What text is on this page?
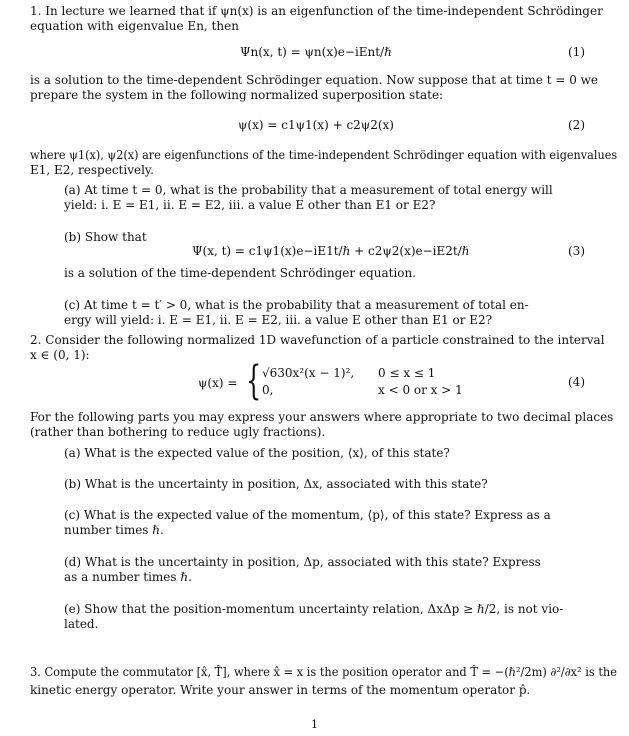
1. In lecture we learned that if ψn(x) is an eigenfunction of the time-independent Schrödinger
equation with eigenvalue En, then
Ψn(x, t) = ψn(x)e−iEnt/ℏ	(1)
is a solution to the time-dependent Schrödinger equation. Now suppose that at time t = 0 we
prepare the system in the following normalized superposition state:
ψ(x) = c1ψ1(x) + c2ψ2(x)	(2)
where ψ1(x), ψ2(x) are eigenfunctions of the time-independent Schrödinger equation with eigenvalues
E1, E2, respectively.
(a) At time t = 0, what is the probability that a measurement of total energy will
yield: i. E = E1, ii. E = E2, iii. a value E other than E1 or E2?
(b) Show that
Ψ(x, t) = c1ψ1(x)e−iE1t/ℏ + c2ψ2(x)e−iE2t/ℏ	(3)
is a solution of the time-dependent Schrödinger equation.
(c) At time t = t′ > 0, what is the probability that a measurement of total en-
ergy will yield: i. E = E1, ii. E = E2, iii. a value E other than E1 or E2?
2. Consider the following normalized 1D wavefunction of a particle constrained to the interval
x ∈ (0, 1):
ψ(x) = { √630x²(x − 1)², 0 ≤ x ≤ 1
0,	x < 0 or x > 1
(4)
For the following parts you may express your answers where appropriate to two decimal places
(rather than bothering to reduce ugly fractions).
(a) What is the expected value of the position, ⟨x⟩, of this state?
(b) What is the uncertainty in position, Δx, associated with this state?
(c) What is the expected value of the momentum, ⟨p⟩, of this state? Express as a
number times ℏ.
(d) What is the uncertainty in position, Δp, associated with this state? Express
as a number times ℏ.
(e) Show that the position-momentum uncertainty relation, ΔxΔp ≥ ℏ/2, is not vio-
lated.
3. Compute the commutator [x̂, T̂], where x̂ = x is the position operator and T̂ = −(ℏ²/2m) ∂²/∂x² is the
kinetic energy operator. Write your answer in terms of the momentum operator p̂.
1
